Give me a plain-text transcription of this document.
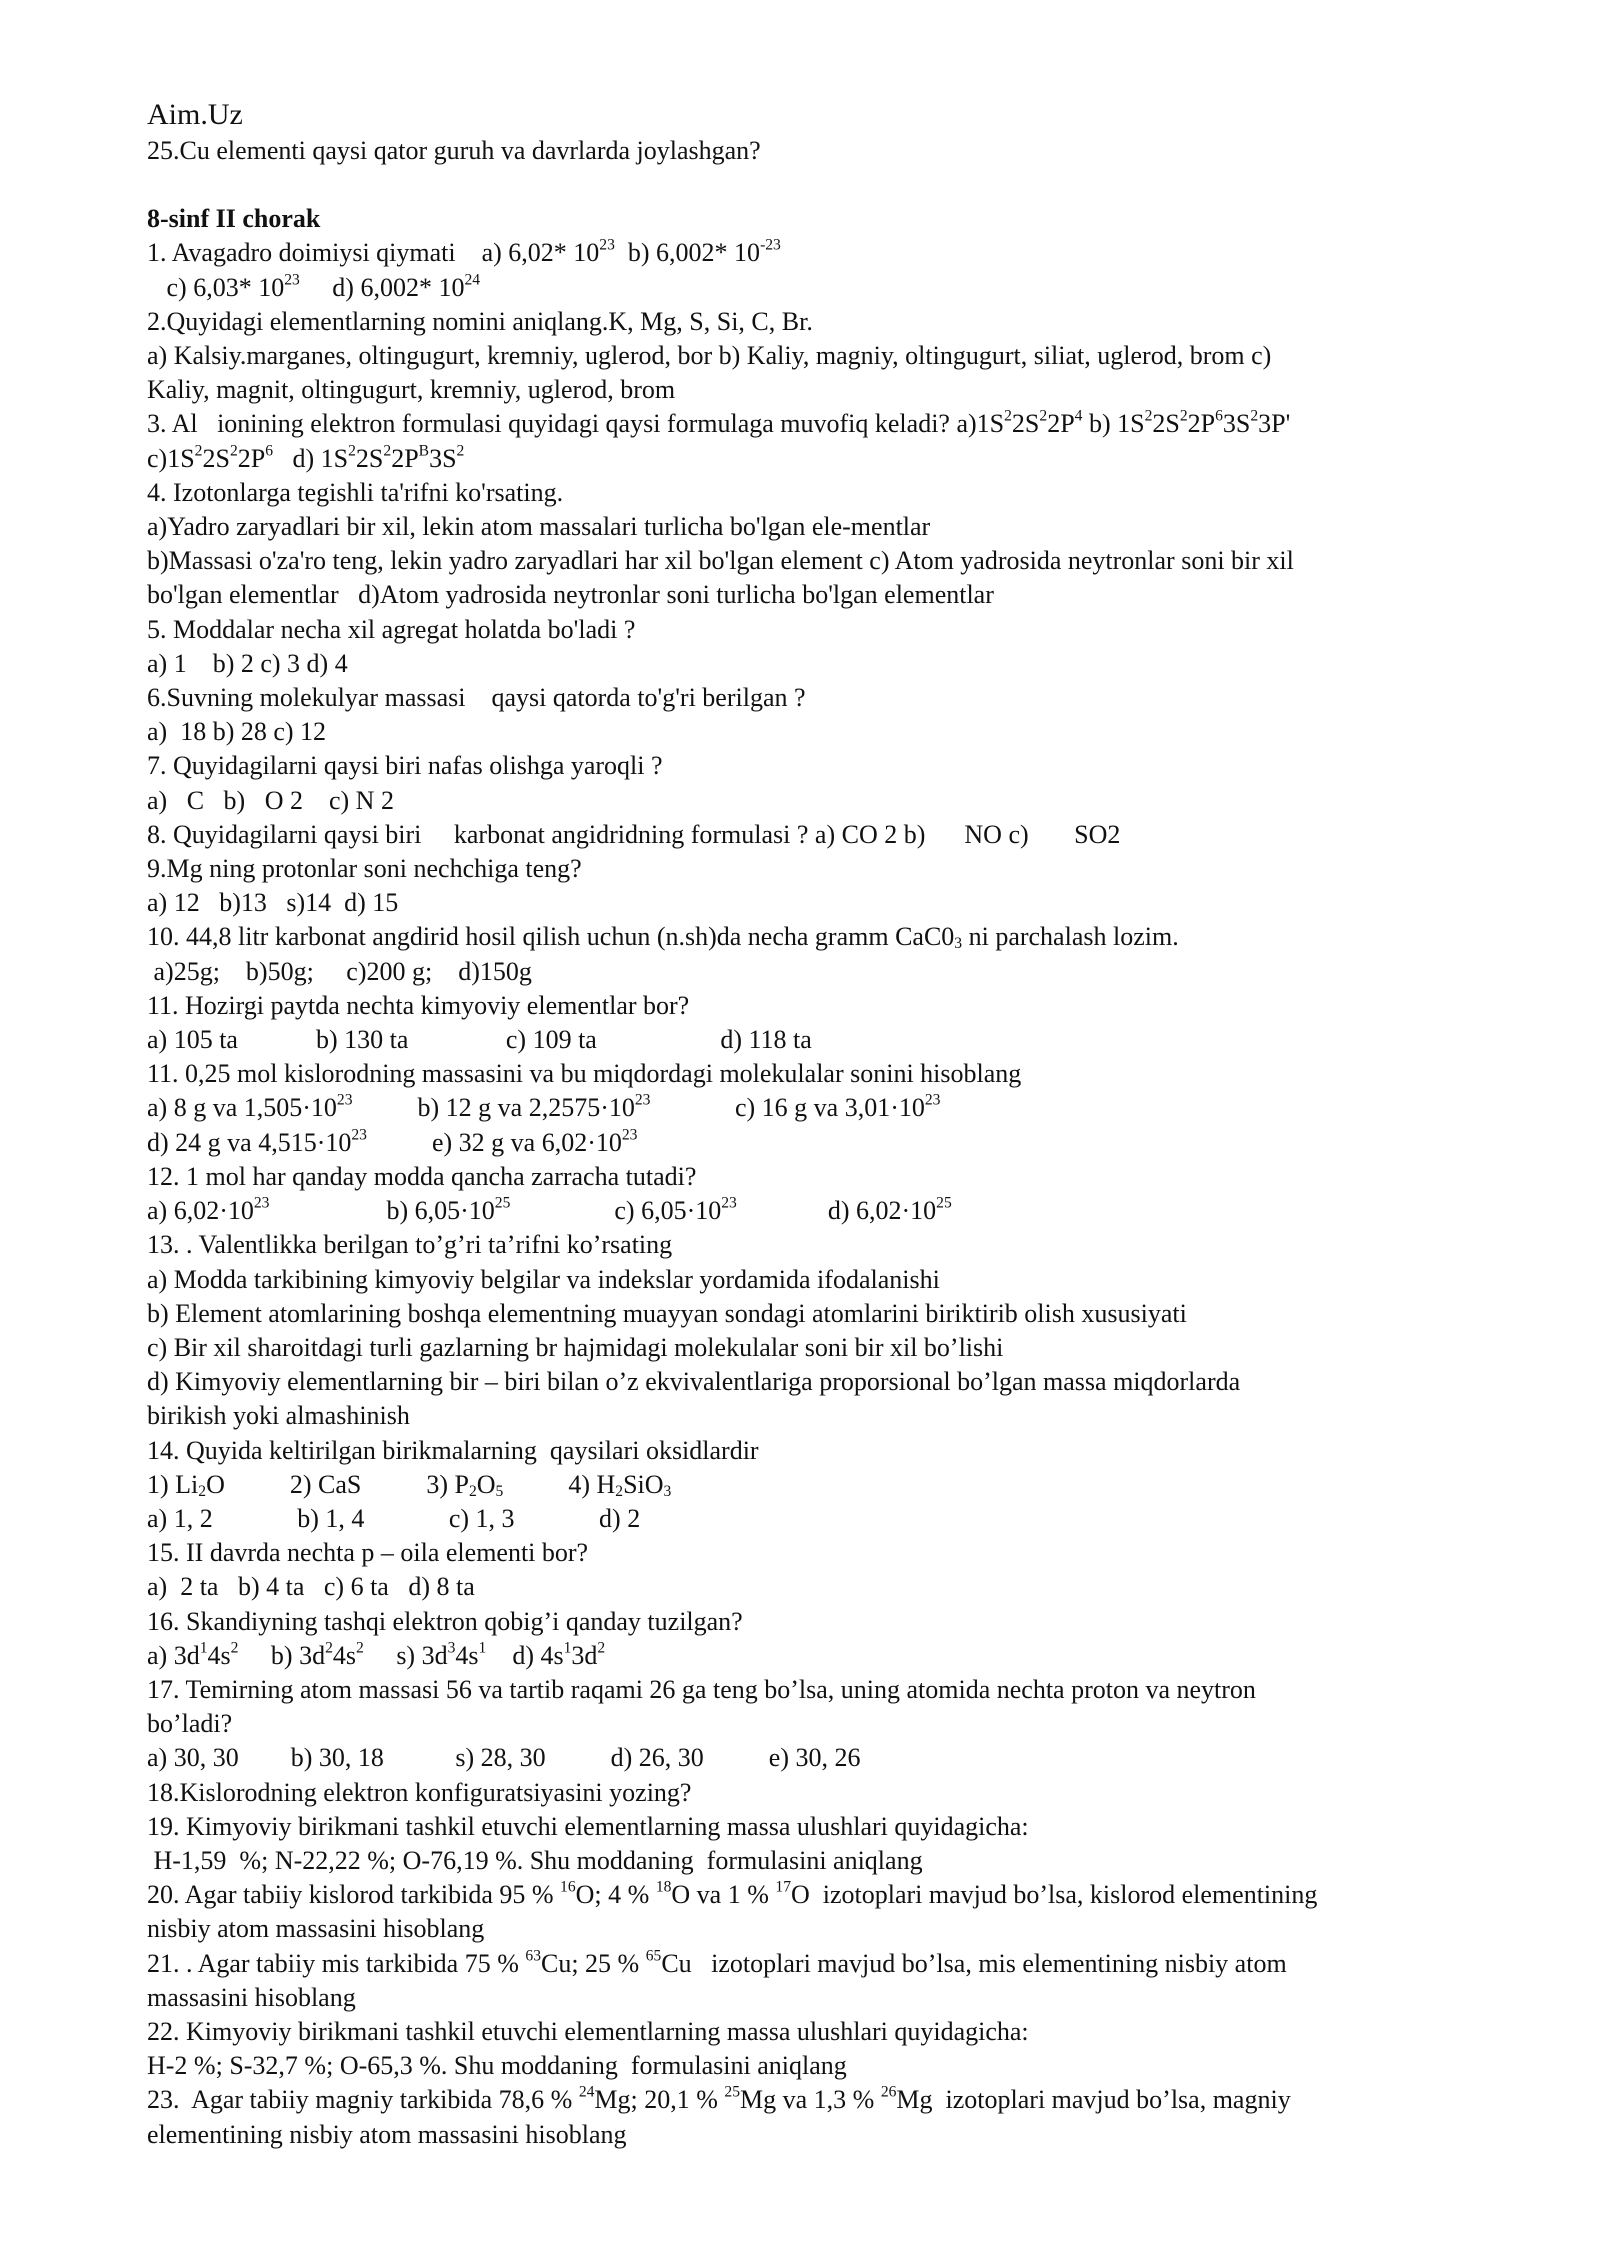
Aim.Uz
25.Cu elementi qaysi qator guruh va davrlarda joylashgan?
8-sinf II chorak
1. Avagadro doimiysi qiymati    a) 6,02* $10^{23}$  b) 6,002* $10^{-23}$
c) 6,03* $10^{23}$     d) 6,002* $10^{24}$
2.Quyidagi elementlarning nomini aniqlang.K, Mg, S, Si, C, Br.
a) Kalsiy.marganes, oltingugurt, kremniy, uglerod, bor b) Kaliy, magniy, oltingugurt, siliat, uglerod, brom c)
Kaliy, magnit, oltingugurt, kremniy, uglerod, brom
3. Al   ionining elektron formulasi quyidagi qaysi formulaga muvofiq keladi? $a)1S^22S^22P^4$ b) $1S^22S^22P^63S^23P'$
$c)1S^22S^22P^6$   d) $1S^22S^22P^B3S^2$
4. Izotonlarga tegishli ta'rifni ko'rsating.
a)Yadro zaryadlari bir xil, lekin atom massalari turlicha bo'lgan ele-mentlar
b)Massasi o'za'ro teng, lekin yadro zaryadlari har xil bo'lgan element c) Atom yadrosida neytronlar soni bir xil
bo'lgan elementlar   d)Atom yadrosida neytronlar soni turlicha bo'lgan elementlar
5. Moddalar necha xil agregat holatda bo'ladi ?
a) 1    b) 2 c) 3 d) 4
6.Suvning molekulyar massasi    qaysi qatorda to'g'ri berilgan ?
a)  18 b) 28 c) 12
7. Quyidagilarni qaysi biri nafas olishga yaroqli ?
a)   C   b)   O 2    c) N 2
8. Quyidagilarni qaysi biri     karbonat angidridning formulasi ? a) CO 2 b)      NO c)       SO2
9.Mg ning protonlar soni nechchiga teng?
a) 12   b)13   s)14  d) 15
10. 44,8 litr karbonat angdirid hosil qilish uchun (n.sh)da necha gramm $CaC0_3$ ni parchalash lozim.
a)25g;    b)50g;     c)200 g;    d)150g
11. Hozirgi paytda nechta kimyoviy elementlar bor?
a) 105 ta            b) 130 ta               c) 109 ta                   d) 118 ta
11. 0,25 mol kislorodning massasini va bu miqdordagi molekulalar sonini hisoblang
a) 8 g va $1,505\cdot 10^{23}$          b) 12 g va $2,2575\cdot 10^{23}$             c) 16 g va $3,01\cdot 10^{23}$
d) 24 g va $4,515\cdot 10^{23}$          e) 32 g va $6,02\cdot 10^{23}$
12. 1 mol har qanday modda qancha zarracha tutadi?
a) $6,02\cdot 10^{23}$                  b) $6,05\cdot 10^{25}$                c) $6,05\cdot 10^{23}$              d) $6,02\cdot 10^{25}$
13. . Valentlikka berilgan to’g’ri ta’rifni ko’rsating
a) Modda tarkibining kimyoviy belgilar va indekslar yordamida ifodalanishi
b) Element atomlarining boshqa elementning muayyan sondagi atomlarini biriktirib olish xususiyati
c) Bir xil sharoitdagi turli gazlarning br hajmidagi molekulalar soni bir xil bo’lishi
d) Kimyoviy elementlarning bir – biri bilan o’z ekvivalentlariga proporsional bo’lgan massa miqdorlarda
birikish yoki almashinish
14. Quyida keltirilgan birikmalarning  qaysilari oksidlardir
1) $Li_2O$          2) CaS          3) $P_2O_5$          4) $H_2SiO_3$
a) 1, 2             b) 1, 4             c) 1, 3             d) 2
15. II davrda nechta p – oila elementi bor?
a)  2 ta   b) 4 ta   c) 6 ta   d) 8 ta
16. Skandiyning tashqi elektron qobig’i qanday tuzilgan?
a) $3d^14s^2$     b) $3d^24s^2$     s) $3d^34s^1$    d) $4s^13d^2$
17. Temirning atom massasi 56 va tartib raqami 26 ga teng bo’lsa, uning atomida nechta proton va neytron
bo’ladi?
a) 30, 30        b) 30, 18           s) 28, 30          d) 26, 30          e) 30, 26
18.Kislorodning elektron konfiguratsiyasini yozing?
19. Kimyoviy birikmani tashkil etuvchi elementlarning massa ulushlari quyidagicha:
H-1,59  %; N-22,22 %; O-76,19 %. Shu moddaning  formulasini aniqlang
20. Agar tabiiy kislorod tarkibida 95 % $^{16}$O; 4 % $^{18}$O va 1 % $^{17}$O  izotoplari mavjud bo’lsa, kislorod elementining
nisbiy atom massasini hisoblang
21. . Agar tabiiy mis tarkibida 75 % $^{63}$Cu; 25 % $^{65}$Cu   izotoplari mavjud bo’lsa, mis elementining nisbiy atom
massasini hisoblang
22. Kimyoviy birikmani tashkil etuvchi elementlarning massa ulushlari quyidagicha:
H-2 %; S-32,7 %; O-65,3 %. Shu moddaning  formulasini aniqlang
23.  Agar tabiiy magniy tarkibida 78,6 % $^{24}$Mg; 20,1 % $^{25}$Mg va 1,3 % $^{26}$Mg  izotoplari mavjud bo’lsa, magniy
elementining nisbiy atom massasini hisoblang
